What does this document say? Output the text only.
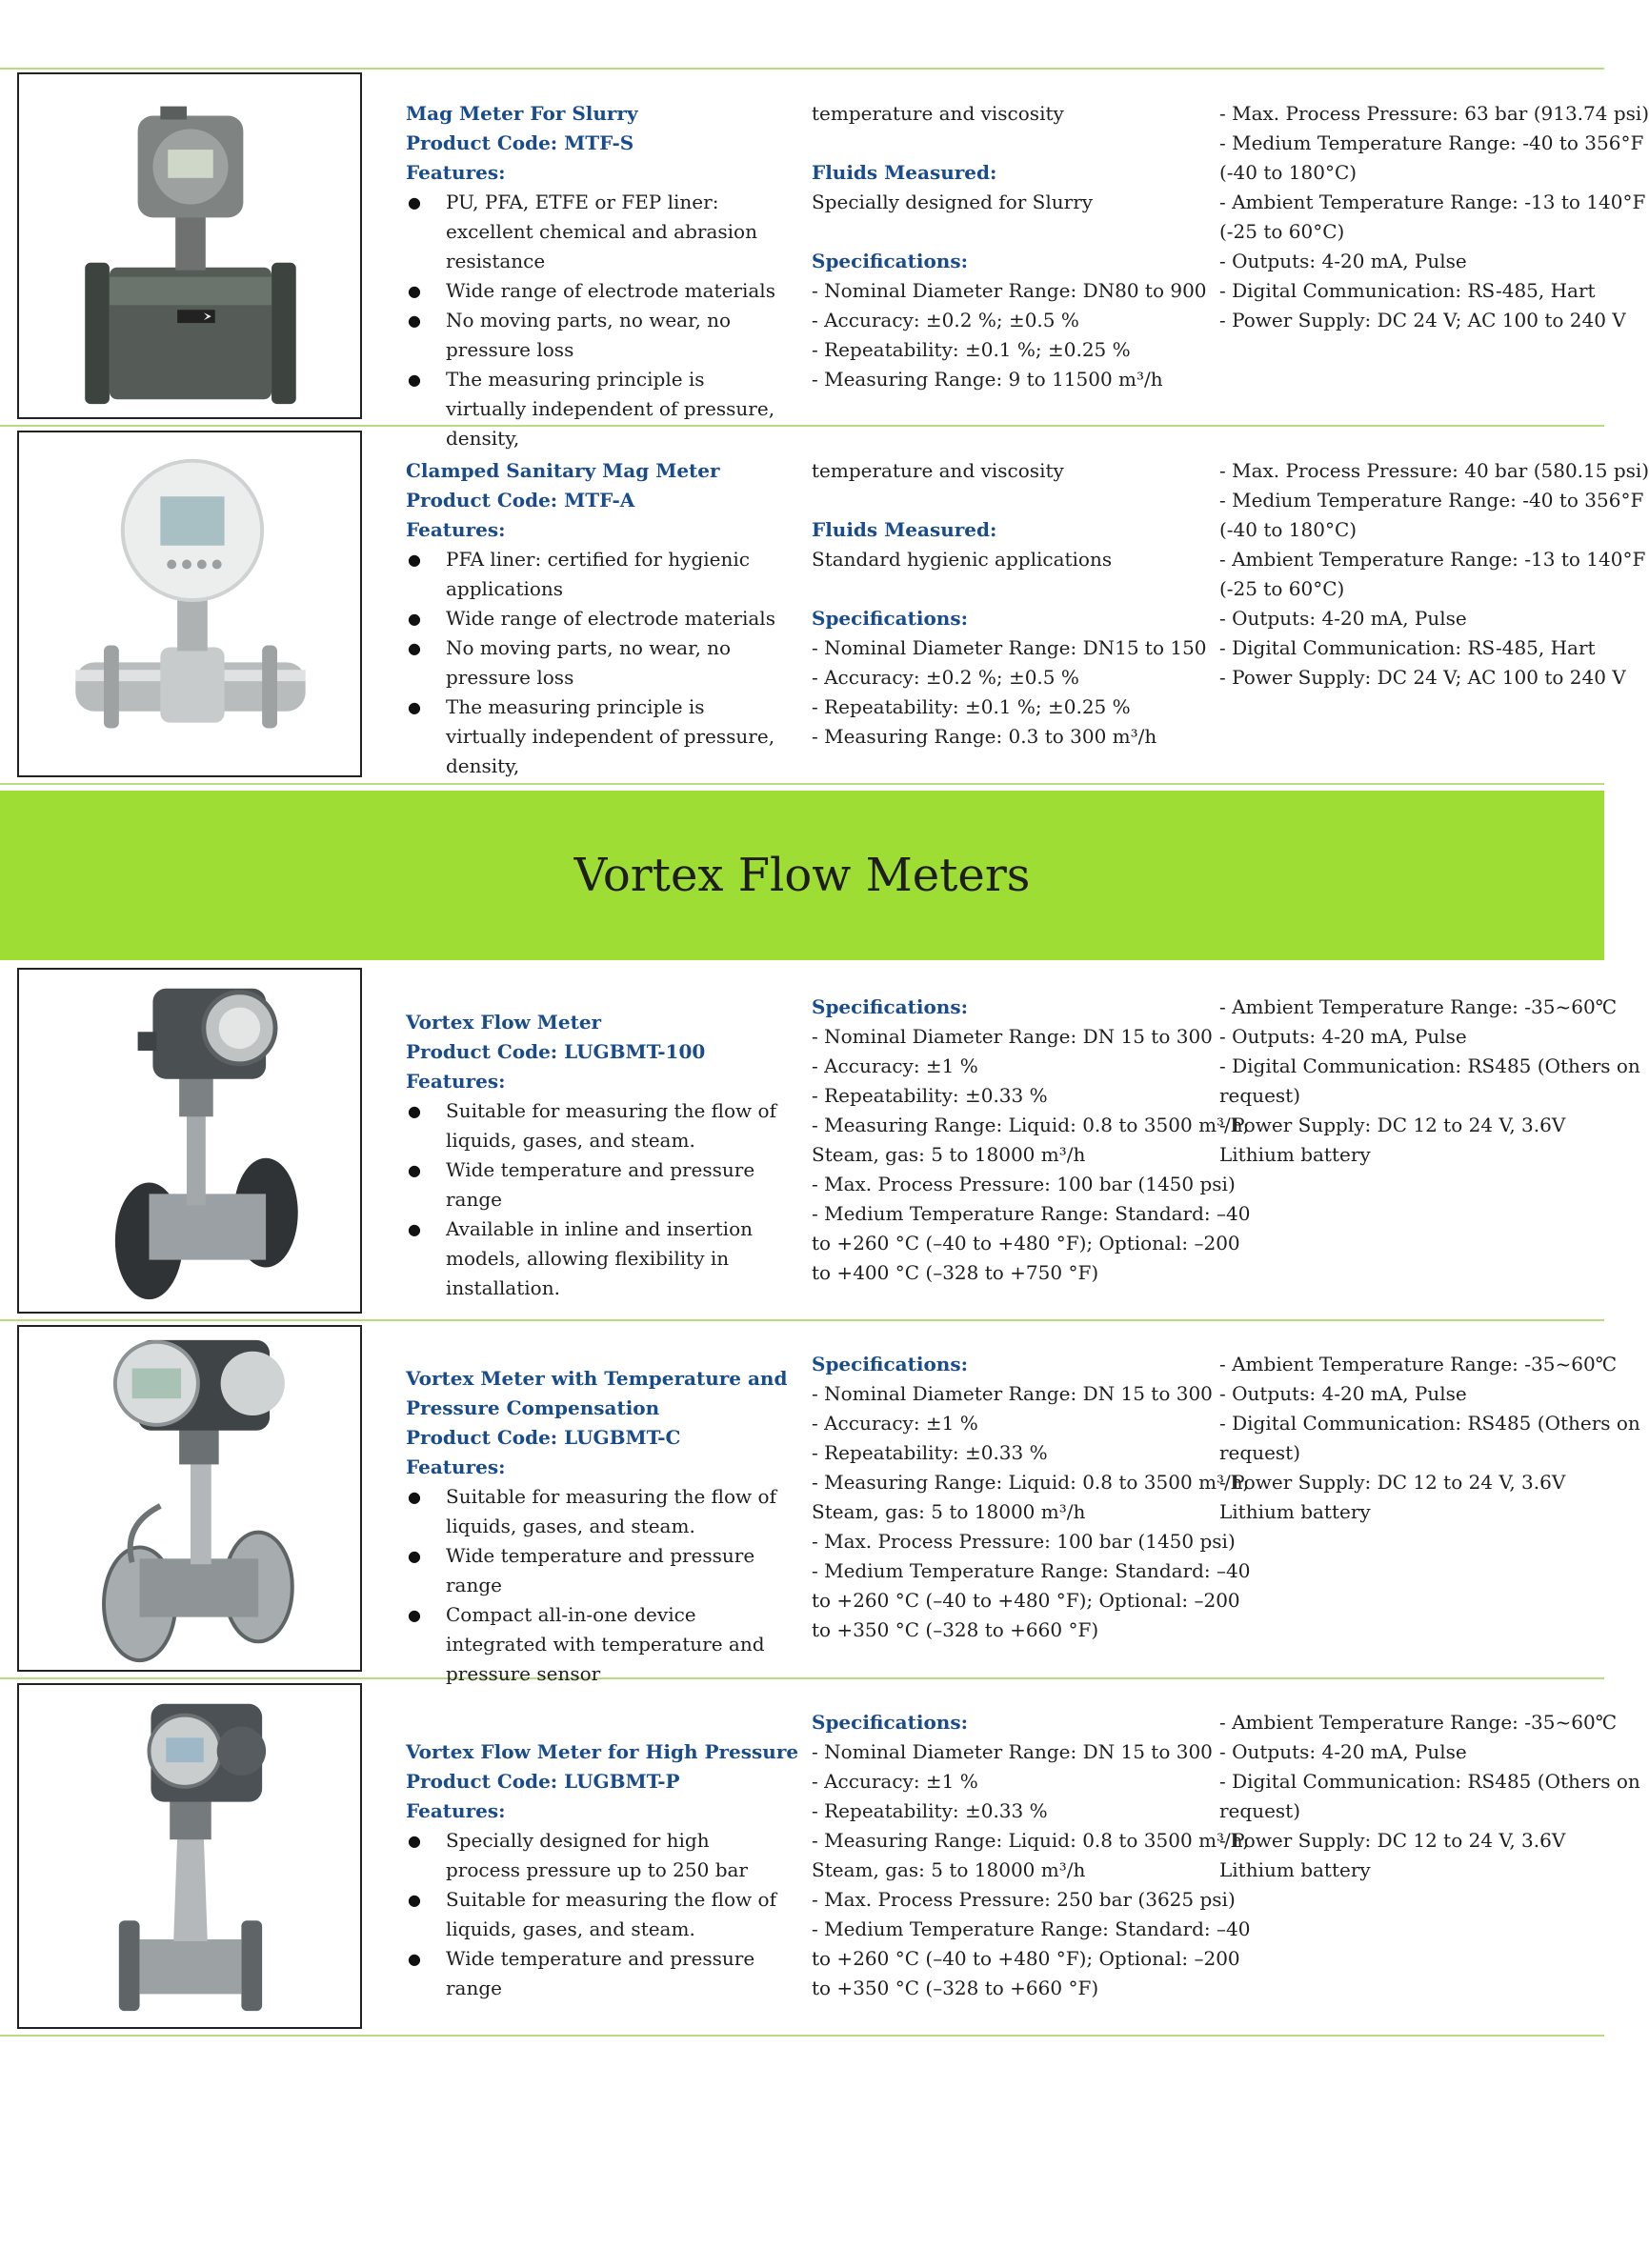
Mag Meter For Slurry
Product Code: MTF-S
Features:
● PU, PFA, ETFE or FEP liner: excellent chemical and abrasion resistance
● Wide range of electrode materials
● No moving parts, no wear, no pressure loss
● The measuring principle is virtually independent of pressure, density,
temperature and viscosity
Fluids Measured:
Specially designed for Slurry
Specifications:
- Nominal Diameter Range: DN80 to 900
- Accuracy: ±0.2 %; ±0.5 %
- Repeatability: ±0.1 %; ±0.25 %
- Measuring Range: 9 to 11500 m³/h
- Max. Process Pressure: 63 bar (913.74 psi)
- Medium Temperature Range: -40 to 356°F
(-40 to 180°C)
- Ambient Temperature Range: -13 to 140°F
(-25 to 60°C)
- Outputs: 4-20 mA, Pulse
- Digital Communication: RS-485, Hart
- Power Supply: DC 24 V; AC 100 to 240 V
Clamped Sanitary Mag Meter
Product Code: MTF-A
Features:
● PFA liner: certified for hygienic applications
● Wide range of electrode materials
● No moving parts, no wear, no pressure loss
● The measuring principle is virtually independent of pressure, density,
temperature and viscosity
Fluids Measured:
Standard hygienic applications
Specifications:
- Nominal Diameter Range: DN15 to 150
- Accuracy: ±0.2 %; ±0.5 %
- Repeatability: ±0.1 %; ±0.25 %
- Measuring Range: 0.3 to 300 m³/h
- Max. Process Pressure: 40 bar (580.15 psi)
- Medium Temperature Range: -40 to 356°F
(-40 to 180°C)
- Ambient Temperature Range: -13 to 140°F
(-25 to 60°C)
- Outputs: 4-20 mA, Pulse
- Digital Communication: RS-485, Hart
- Power Supply: DC 24 V; AC 100 to 240 V
Vortex Flow Meters
Vortex Flow Meter
Product Code: LUGBMT-100
Features:
● Suitable for measuring the flow of liquids, gases, and steam.
● Wide temperature and pressure range
● Available in inline and insertion models, allowing flexibility in installation.
Specifications:
- Nominal Diameter Range: DN 15 to 300
- Accuracy: ±1 %
- Repeatability: ±0.33 %
- Measuring Range: Liquid: 0.8 to 3500 m³/h;
Steam, gas: 5 to 18000 m³/h
- Max. Process Pressure: 100 bar (1450 psi)
- Medium Temperature Range: Standard: –40
to +260 °C (–40 to +480 °F); Optional: –200
to +400 °C (–328 to +750 °F)
- Ambient Temperature Range: -35~60℃
- Outputs: 4-20 mA, Pulse
- Digital Communication: RS485 (Others on
request)
- Power Supply: DC 12 to 24 V, 3.6V
Lithium battery
Vortex Meter with Temperature and
Pressure Compensation
Product Code: LUGBMT-C
Features:
● Suitable for measuring the flow of liquids, gases, and steam.
● Wide temperature and pressure range
● Compact all-in-one device integrated with temperature and pressure sensor
Specifications:
- Nominal Diameter Range: DN 15 to 300
- Accuracy: ±1 %
- Repeatability: ±0.33 %
- Measuring Range: Liquid: 0.8 to 3500 m³/h;
Steam, gas: 5 to 18000 m³/h
- Max. Process Pressure: 100 bar (1450 psi)
- Medium Temperature Range: Standard: –40
to +260 °C (–40 to +480 °F); Optional: –200
to +350 °C (–328 to +660 °F)
- Ambient Temperature Range: -35~60℃
- Outputs: 4-20 mA, Pulse
- Digital Communication: RS485 (Others on
request)
- Power Supply: DC 12 to 24 V, 3.6V
Lithium battery
Vortex Flow Meter for High Pressure
Product Code: LUGBMT-P
Features:
● Specially designed for high process pressure up to 250 bar
● Suitable for measuring the flow of liquids, gases, and steam.
● Wide temperature and pressure range
Specifications:
- Nominal Diameter Range: DN 15 to 300
- Accuracy: ±1 %
- Repeatability: ±0.33 %
- Measuring Range: Liquid: 0.8 to 3500 m³/h;
Steam, gas: 5 to 18000 m³/h
- Max. Process Pressure: 250 bar (3625 psi)
- Medium Temperature Range: Standard: –40
to +260 °C (–40 to +480 °F); Optional: –200
to +350 °C (–328 to +660 °F)
- Ambient Temperature Range: -35~60℃
- Outputs: 4-20 mA, Pulse
- Digital Communication: RS485 (Others on
request)
- Power Supply: DC 12 to 24 V, 3.6V
Lithium battery
